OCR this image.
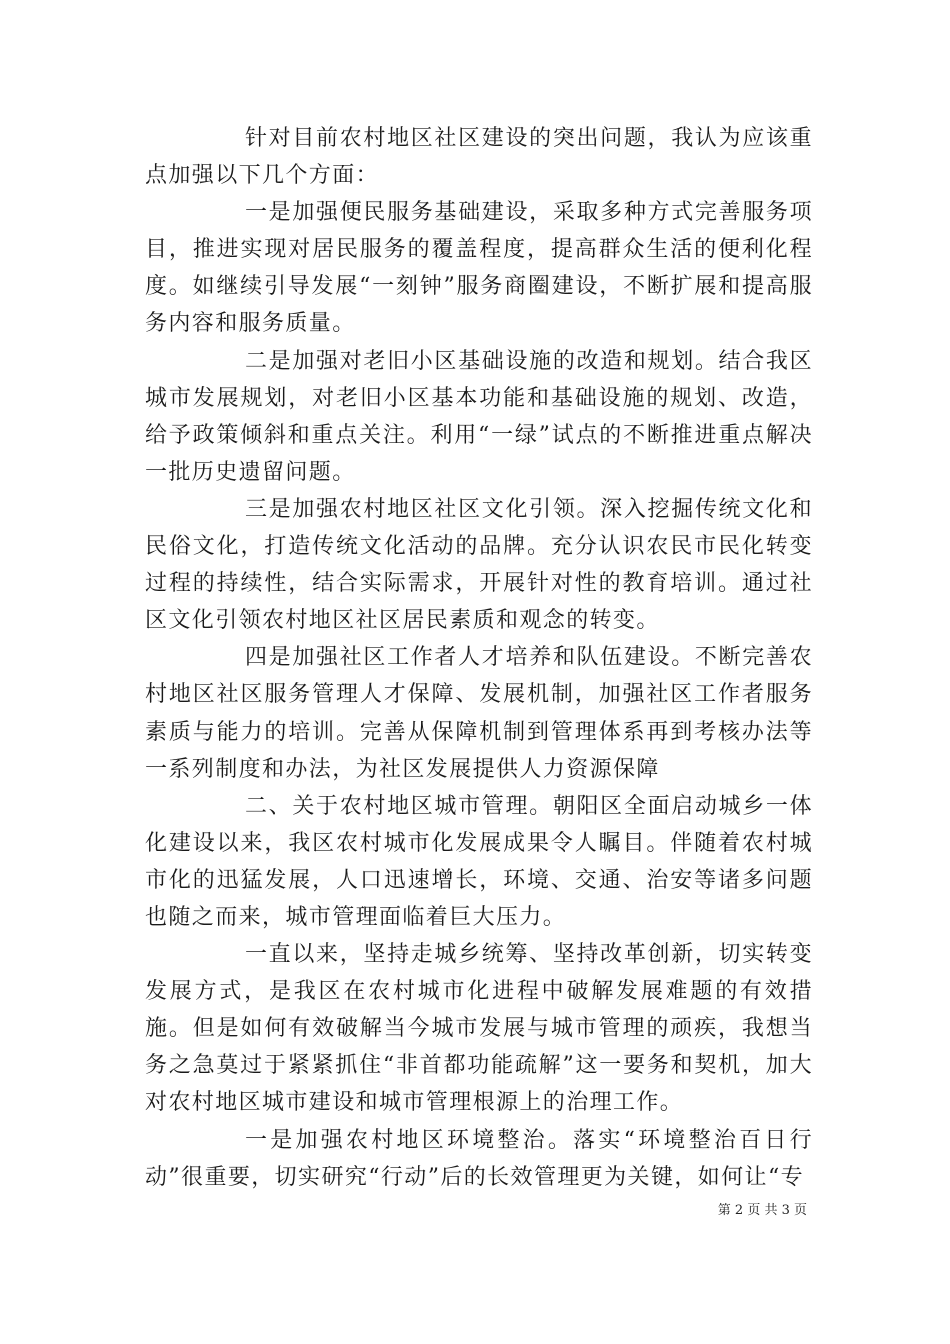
针对目前农村地区社区建设的突出问题，我认为应该重点加强以下几个方面：

一是加强便民服务基础建设，采取多种方式完善服务项目，推进实现对居民服务的覆盖程度，提高群众生活的便利化程度。如继续引导发展“一刻钟”服务商圈建设，不断扩展和提高服务内容和服务质量。

二是加强对老旧小区基础设施的改造和规划。结合我区城市发展规划，对老旧小区基本功能和基础设施的规划、改造，给予政策倾斜和重点关注。利用“一绿”试点的不断推进重点解决一批历史遗留问题。

三是加强农村地区社区文化引领。深入挖掘传统文化和民俗文化，打造传统文化活动的品牌。充分认识农民市民化转变过程的持续性，结合实际需求，开展针对性的教育培训。通过社区文化引领农村地区社区居民素质和观念的转变。

四是加强社区工作者人才培养和队伍建设。不断完善农村地区社区服务管理人才保障、发展机制，加强社区工作者服务素质与能力的培训。完善从保障机制到管理体系再到考核办法等一系列制度和办法，为社区发展提供人力资源保障

二、关于农村地区城市管理。朝阳区全面启动城乡一体化建设以来，我区农村城市化发展成果令人瞩目。伴随着农村城市化的迅猛发展，人口迅速增长，环境、交通、治安等诸多问题也随之而来，城市管理面临着巨大压力。

一直以来，坚持走城乡统筹、坚持改革创新，切实转变发展方式，是我区在农村城市化进程中破解发展难题的有效措施。但是如何有效破解当今城市发展与城市管理的顽疾，我想当务之急莫过于紧紧抓住“非首都功能疏解”这一要务和契机，加大对农村地区城市建设和城市管理根源上的治理工作。

一是加强农村地区环境整治。落实“环境整治百日行动”很重要，切实研究“行动”后的长效管理更为关键，如何让“专

第 2 页 共 3 页
